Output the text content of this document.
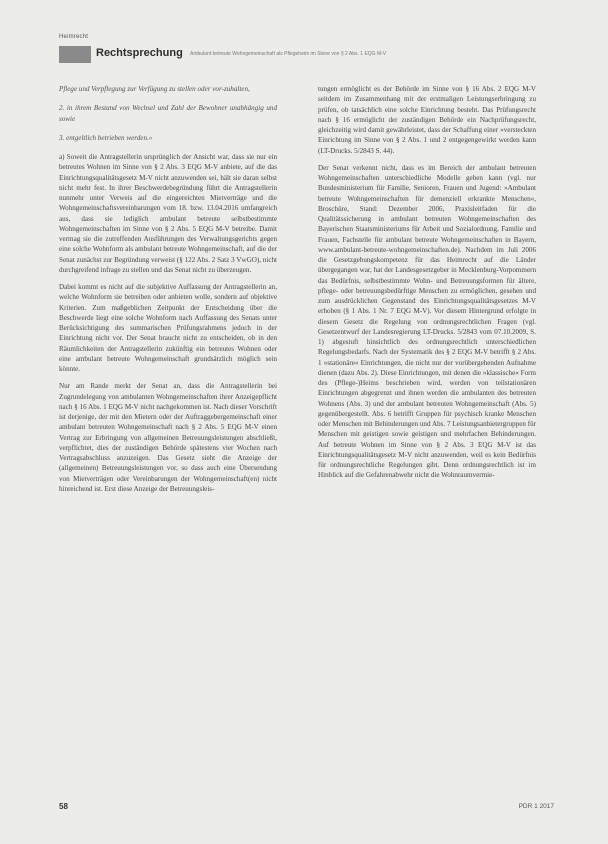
Heimrecht
Rechtsprechung Ambulant betreute Wohngemeinschaft als Pflegeheim im Sinne von § 2 Abs. 1 EQG M-V

Pflege und Verpflegung zur Verfügung zu stellen oder vor-zuhalten,

2. in ihrem Bestand von Wechsel und Zahl der Bewohner unabhängig und sowie

3. entgeltlich betrieben werden.«

a) Soweit die Antragstellerin ursprünglich der Ansicht war, dass sie nur ein betreutes Wohnen im Sinne von § 2 Abs. 3 EQG M-V anbiete, auf die das Einrichtungsqualitätsgesetz M-V nicht anzuwenden sei, hält sie daran selbst nicht mehr fest. In ihrer Beschwerdebegründung führt die Antragstellerin nunmehr unter Verweis auf die eingereichten Mietverträge und die Wohngemeinschaftsvereinbarungen vom 18. bzw. 13.04.2016 umfangreich aus, dass sie lediglich ambulant betreute selbstbestimmte Wohngemeinschaften im Sinne von § 2 Abs. 5 EQG M-V betreibe. Damit vermag sie die zutreffenden Ausführungen des Verwaltungsgerichts gegen eine solche Wohnform als ambulant betreute Wohngemeinschaft, auf die der Senat zunächst zur Begründung verweist (§ 122 Abs. 2 Satz 3 VwGO), nicht durchgreifend infrage zu stellen und das Senat nicht zu überzeugen.

Dabei kommt es nicht auf die subjektive Auffassung der Antragstellerin an, welche Wohnform sie betreiben oder anbieten wolle, sondern auf objektive Kriterien. Zum maßgeblichen Zeitpunkt der Entscheidung über die Beschwerde liegt eine solche Wohnform nach Auffassung des Senats unter Berücksichtigung des summarischen Prüfungsrahmens jedoch in der Einrichtung nicht vor. Der Senat braucht nicht zu entscheiden, ob in den Räumlichkeiten der Antragstellerin zukünftig ein betreutes Wohnen oder eine ambulant betreute Wohngemeinschaft grundsätzlich möglich sein könnte.

Nur am Rande merkt der Senat an, dass die Antragstellerin bei Zugrundelegung von ambulanten Wohngemeinschaften ihrer Anzeigepflicht nach § 16 Abs. 1 EQG M-V nicht nachgekommen ist. Nach dieser Vorschrift ist derjenige, der mit den Mietern oder der Auftraggebergemeinschaft einer ambulant betreuten Wohngemeinschaft nach § 2 Abs. 5 EQG M-V einen Vertrag zur Erbringung von allgemeinen Betreuungsleistungen abschließt, verpflichtet, dies der zuständigen Behörde spätestens vier Wochen nach Vertragsabschluss anzuzeigen. Das Gesetz sieht die Anzeige der (allgemeinen) Betreuungsleistungen vor, so dass auch eine Übersendung von Mietverträgen oder Vereinbarungen der Wohngemeinschaft(en) nicht hinreichend ist. Erst diese Anzeige der Betreuungsleis-

tungen ermöglicht es der Behörde im Sinne von § 16 Abs. 2 EQG M-V seitdem im Zusammenhang mit der erstmaligen Leistungserbringung zu prüfen, ob tatsächlich eine solche Einrichtung besteht. Das Prüfungsrecht nach § 16 ermöglicht der zuständigen Behörde ein Nachprüfungsrecht, gleichzeitig wird damit gewährleistet, dass der Schaffung einer »versteckten Einrichtung im Sinne von § 2 Abs. 1 und 2 entgegengewirkt werden kann (LT-Drucks. 5/2843 S. 44).

Der Senat verkennt nicht, dass es im Bereich der ambulant betreuten Wohngemeinschaften unterschiedliche Modelle geben kann (vgl. nur Bundesministerium für Familie, Senioren, Frauen und Jugend: »Ambulant betreute Wohngemeinschaften für demenziell erkrankte Menschen«, Broschüre, Stand: Dezember 2006, Praxisleitfaden für die Qualitätssicherung in ambulant betreuten Wohngemeinschaften des Bayerischen Staatsministeriums für Arbeit und Sozialordnung, Familie und Frauen, Fachstelle für ambulant betreute Wohngemeinschaften in Bayern, www.ambulant-betreute-wohngemeinschaften.de). Nachdem im Juli 2006 die Gesetzgebungskompetenz für das Heimrecht auf die Länder übergegangen war, hat der Landesgesetzgeber in Mecklenburg-Vorpommern das Bedürfnis, selbstbestimmte Wohn- und Betreuungsformen für ältere, pflege- oder betreuungsbedürftige Menschen zu ermöglichen, gesehen und zum ausdrücklichen Gegenstand des Einrichtungsqualitätsgesetzes M-V erhoben (§ 1 Abs. 1 Nr. 7 EQG M-V). Vor diesem Hintergrund erfolgte in diesem Gesetz die Regelung von ordnungsrechtlichen Fragen (vgl. Gesetzentwurf der Landesregierung LT-Drucks. 5/2843 vom 07.10.2009, S. 1) abgestuft hinsichtlich des ordnungsrechtlich unterschiedlichen Regelungsbedarfs. Nach der Systematik des § 2 EQG M-V betrifft § 2 Abs. 1 »stationäre« Einrichtungen, die nicht nur der vorübergehenden Aufnahme dienen (dazu Abs. 2). Diese Einrichtungen, mit denen die »klassische« Form des (Pflege-)Heims beschrieben wird, werden von teilstationären Einrichtungen abgegrenzt und ihnen werden die ambulanten des betreuten Wohnens (Abs. 3) und der ambulant betreuten Wohngemeinschaft (Abs. 5) gegenübergestellt. Abs. 6 betrifft Gruppen für psychisch kranke Menschen oder Menschen mit Behinderungen und Abs. 7 Leistungsanbietergruppen für Menschen mit geistigen sowie geistigen und mehrfachen Behinderungen. Auf betreute Wohnen im Sinne von § 2 Abs. 3 EQG M-V ist das Einrichtungsqualitätsgesetz M-V nicht anzuwenden, weil es kein Bedürfnis für ordnungsrechtliche Regelungen gibt. Denn ordnungsrechtlich ist im Hinblick auf die Gefahrenabwehr nicht die Wohnraumvermie-

58	PDR 1 2017
